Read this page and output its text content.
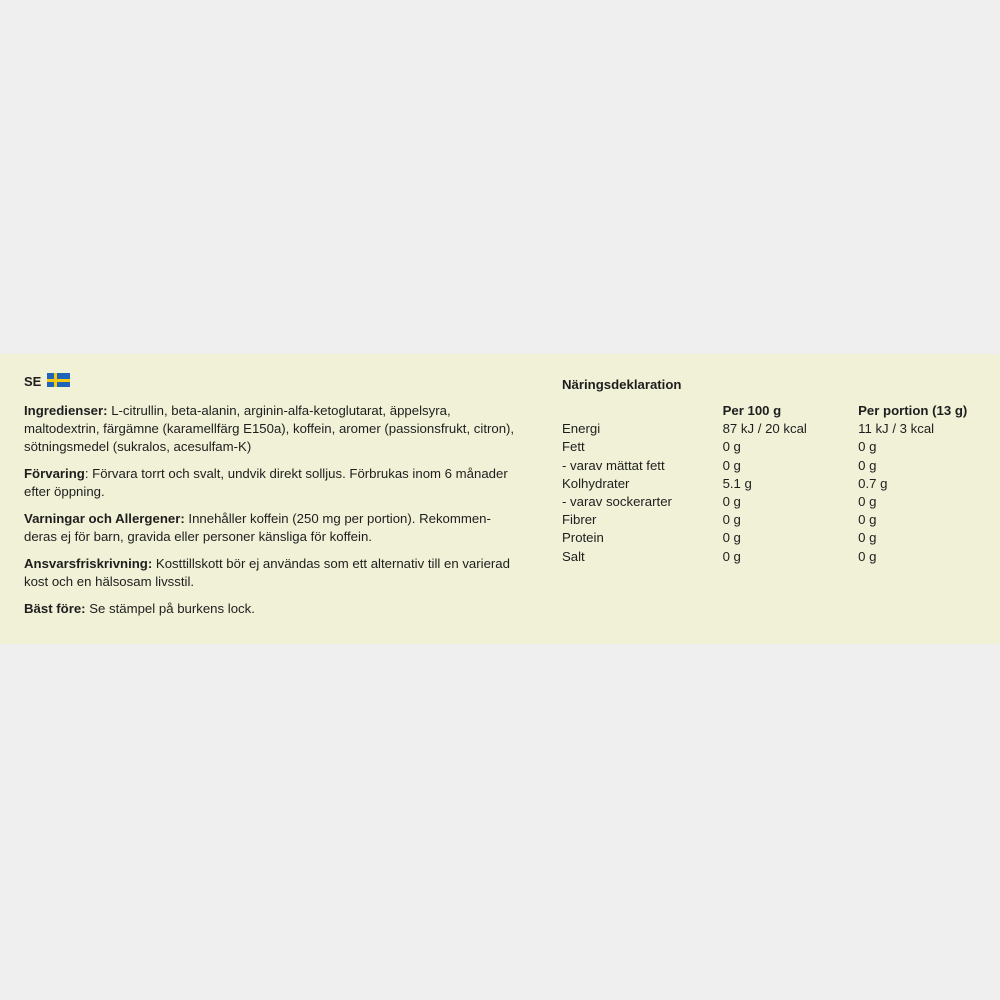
SE

Ingredienser: L-citrullin, beta-alanin, arginin-alfa-ketoglutarat, äppelsyra, maltodextrin, färgämne (karamellfärg E150a), koffein, aromer (passionsfrukt, citron), sötningsmedel (sukralos, acesulfam-K)

Förvaring: Förvara torrt och svalt, undvik direkt solljus. Förbrukas inom 6 månader efter öppning.

Varningar och Allergener: Innehåller koffein (250 mg per portion). Rekommen- deras ej för barn, gravida eller personer känsliga för koffein.

Ansvarsfriskrivning: Kosttillskott bör ej användas som ett alternativ till en varierad kost och en hälsosam livsstil.

Bäst före: Se stämpel på burkens lock.

Näringsdeklaration
	Per 100 g	Per portion (13 g)
Energi	87 kJ / 20 kcal	11 kJ / 3 kcal
Fett	0 g	0 g
- varav mättat fett	0 g	0 g
Kolhydrater	5.1 g	0.7 g
- varav sockerarter	0 g	0 g
Fibrer	0 g	0 g
Protein	0 g	0 g
Salt	0 g	0 g
